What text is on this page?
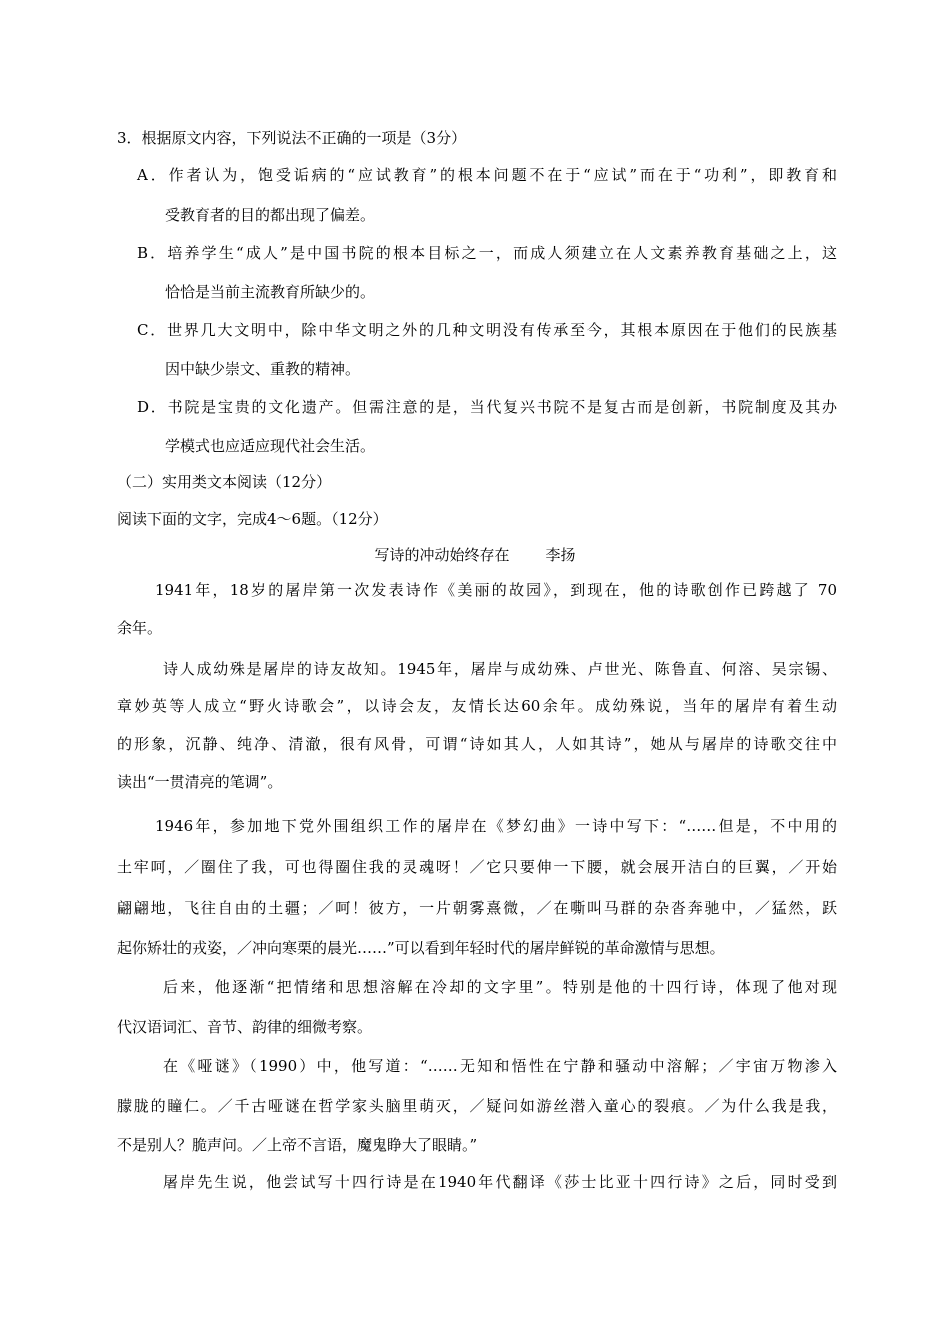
3．根据原文内容，下列说法不正确的一项是（3分）
A．作者认为，饱受诟病的“应试教育”的根本问题不在于“应试”而在于“功利”，即教育和
受教育者的目的都出现了偏差。
B．培养学生“成人”是中国书院的根本目标之一，而成人须建立在人文素养教育基础之上，这
恰恰是当前主流教育所缺少的。
C．世界几大文明中，除中华文明之外的几种文明没有传承至今，其根本原因在于他们的民族基
因中缺少崇文、重教的精神。
D．书院是宝贵的文化遗产。但需注意的是，当代复兴书院不是复古而是创新，书院制度及其办
学模式也应适应现代社会生活。
（二）实用类文本阅读（12分）
阅读下面的文字，完成4～6题。（12分）
写诗的冲动始终存在 李扬
1941年，18岁的屠岸第一次发表诗作《美丽的故园》，到现在，他的诗歌创作已跨越了 70
余年。
诗人成幼殊是屠岸的诗友故知。1945年，屠岸与成幼殊、卢世光、陈鲁直、何溶、吴宗锡、
章妙英等人成立“野火诗歌会”，以诗会友，友情长达60余年。成幼殊说，当年的屠岸有着生动
的形象，沉静、纯净、清澈，很有风骨，可谓“诗如其人，人如其诗”，她从与屠岸的诗歌交往中
读出“一贯清亮的笔调”。
1946年，参加地下党外围组织工作的屠岸在《梦幻曲》一诗中写下：“……但是，不中用的
土牢呵，／圈住了我，可也得圈住我的灵魂呀！／它只要伸一下腰，就会展开洁白的巨翼，／开始
翩翩地，飞往自由的土疆；／呵！彼方，一片朝雾熹微，／在嘶叫马群的杂沓奔驰中，／猛然，跃
起你矫壮的戎姿，／冲向寒栗的晨光……”可以看到年轻时代的屠岸鲜锐的革命激情与思想。
后来，他逐渐“把情绪和思想溶解在冷却的文字里”。特别是他的十四行诗，体现了他对现
代汉语词汇、音节、韵律的细微考察。
在《哑谜》（1990）中，他写道：“……无知和悟性在宁静和骚动中溶解；／宇宙万物渗入
朦胧的瞳仁。／千古哑谜在哲学家头脑里萌灭，／疑问如游丝潜入童心的裂痕。／为什么我是我，
不是别人？脆声问。／上帝不言语，魔鬼睁大了眼睛。”
屠岸先生说，他尝试写十四行诗是在1940年代翻译《莎士比亚十四行诗》之后，同时受到
